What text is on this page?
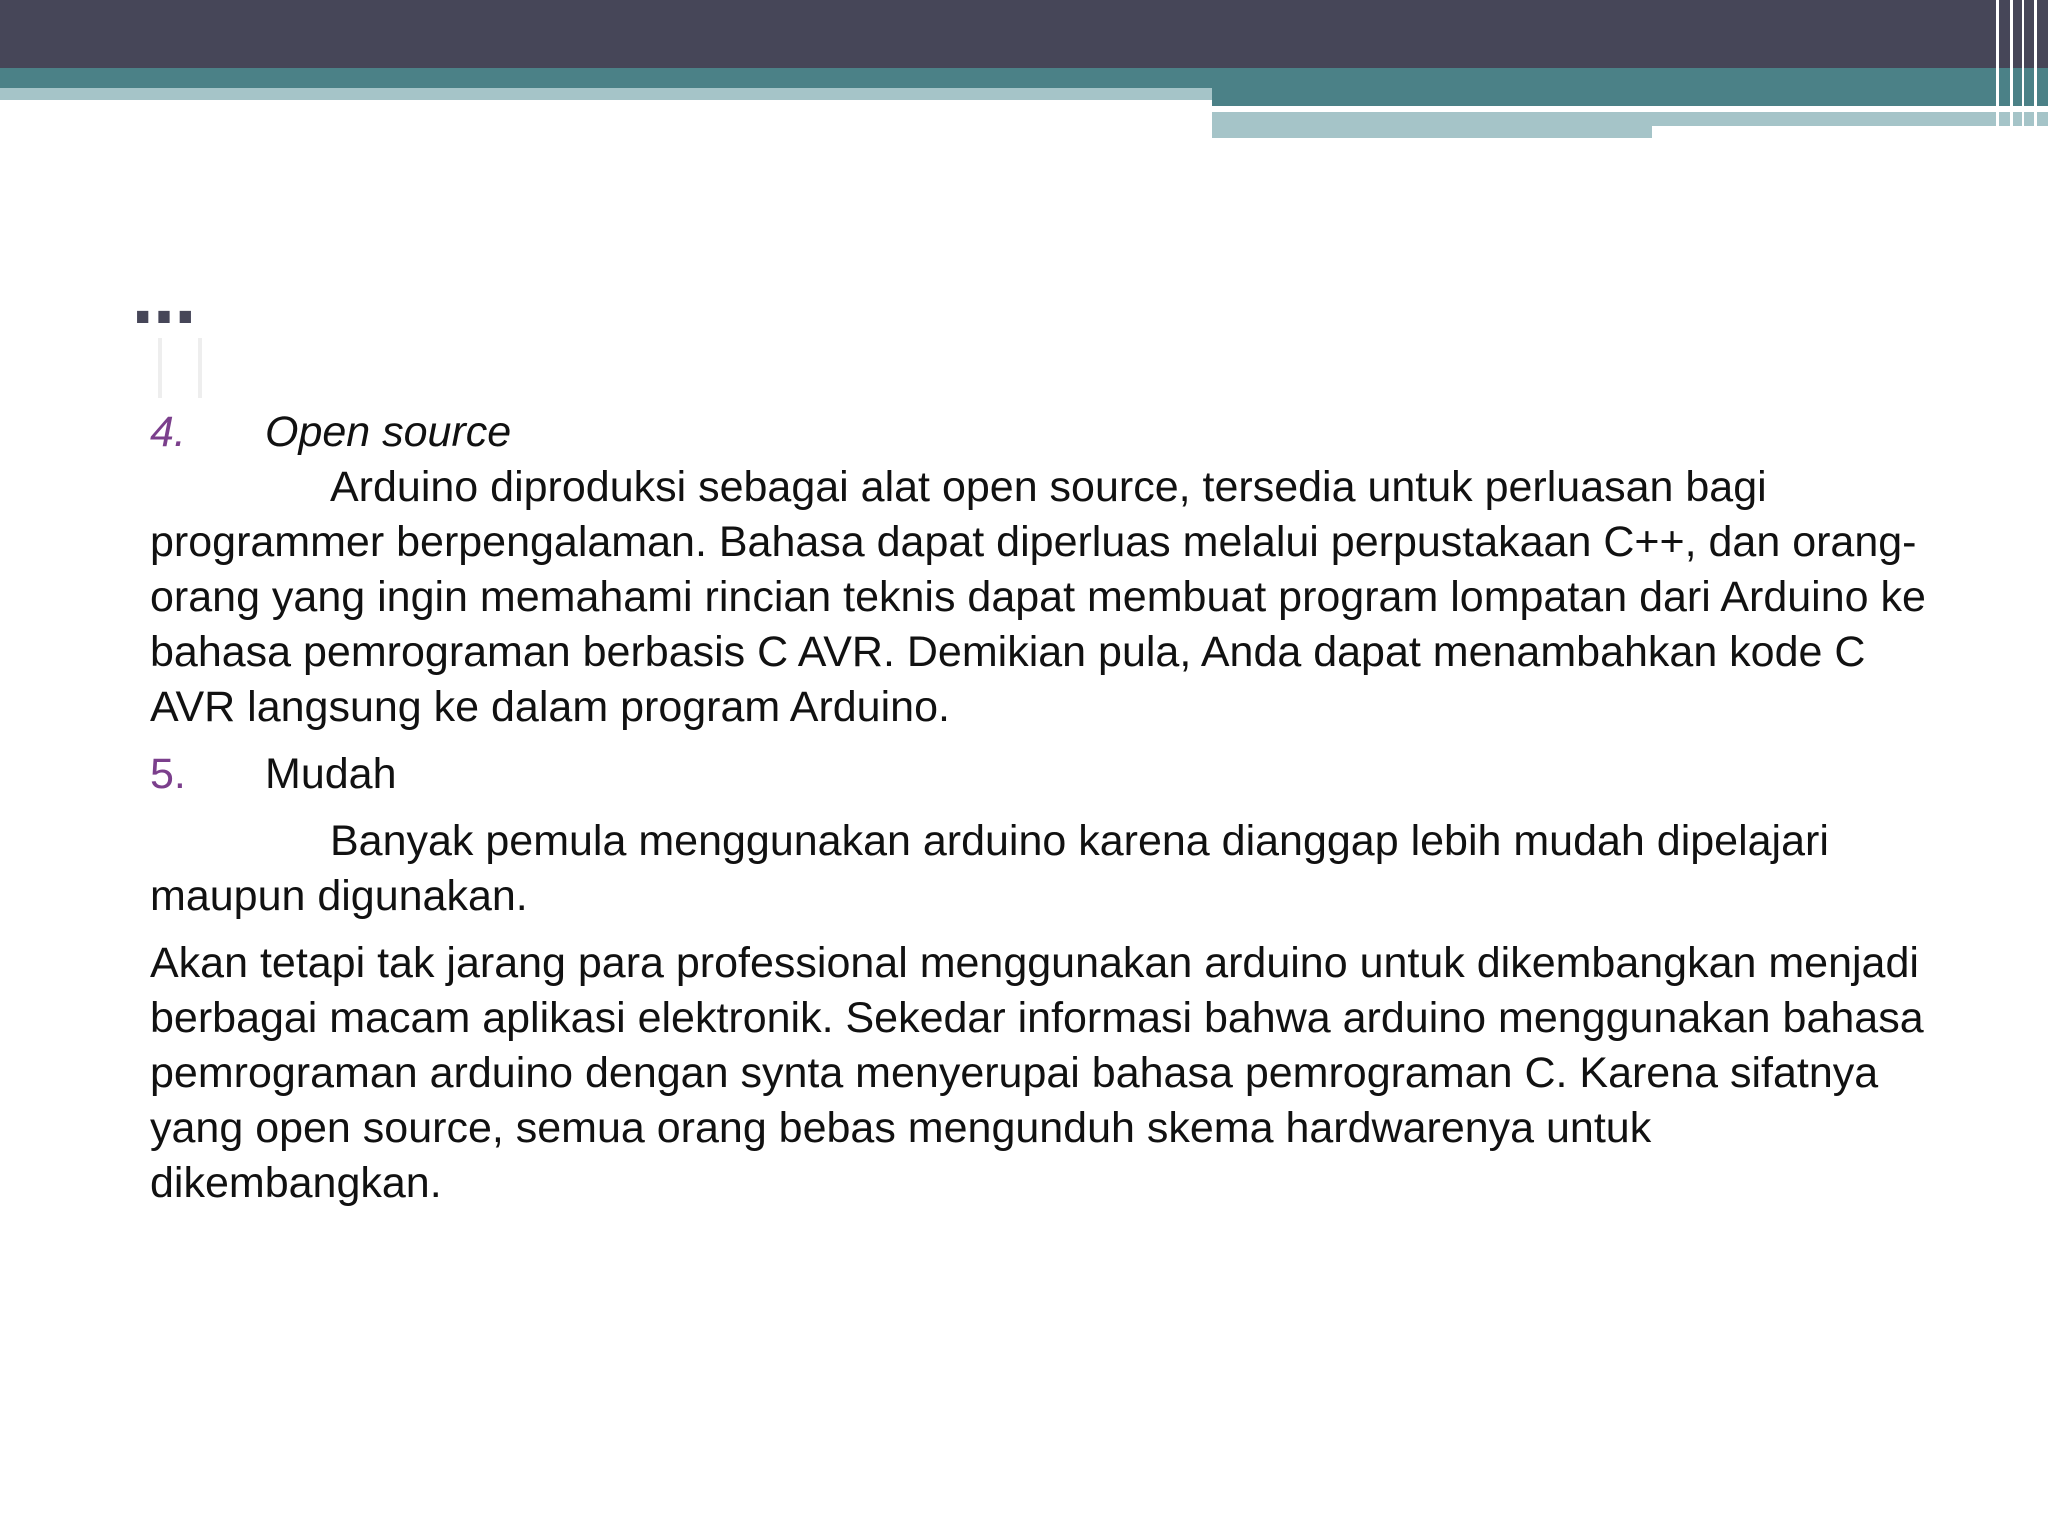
…
4.	Open source

Arduino diproduksi sebagai alat open source, tersedia untuk perluasan bagi programmer berpengalaman. Bahasa dapat diperluas melalui perpustakaan C++, dan orang-orang yang ingin memahami rincian teknis dapat membuat program lompatan dari Arduino ke bahasa pemrograman berbasis C AVR. Demikian pula, Anda dapat menambahkan kode C AVR langsung ke dalam program Arduino.

5.	Mudah

Banyak pemula menggunakan arduino karena dianggap lebih mudah dipelajari maupun digunakan.

Akan tetapi tak jarang para professional menggunakan arduino untuk dikembangkan menjadi berbagai macam aplikasi elektronik. Sekedar informasi bahwa arduino menggunakan bahasa pemrograman arduino dengan synta menyerupai bahasa pemrograman C. Karena sifatnya yang open source, semua orang bebas mengunduh skema hardwarenya untuk dikembangkan.
